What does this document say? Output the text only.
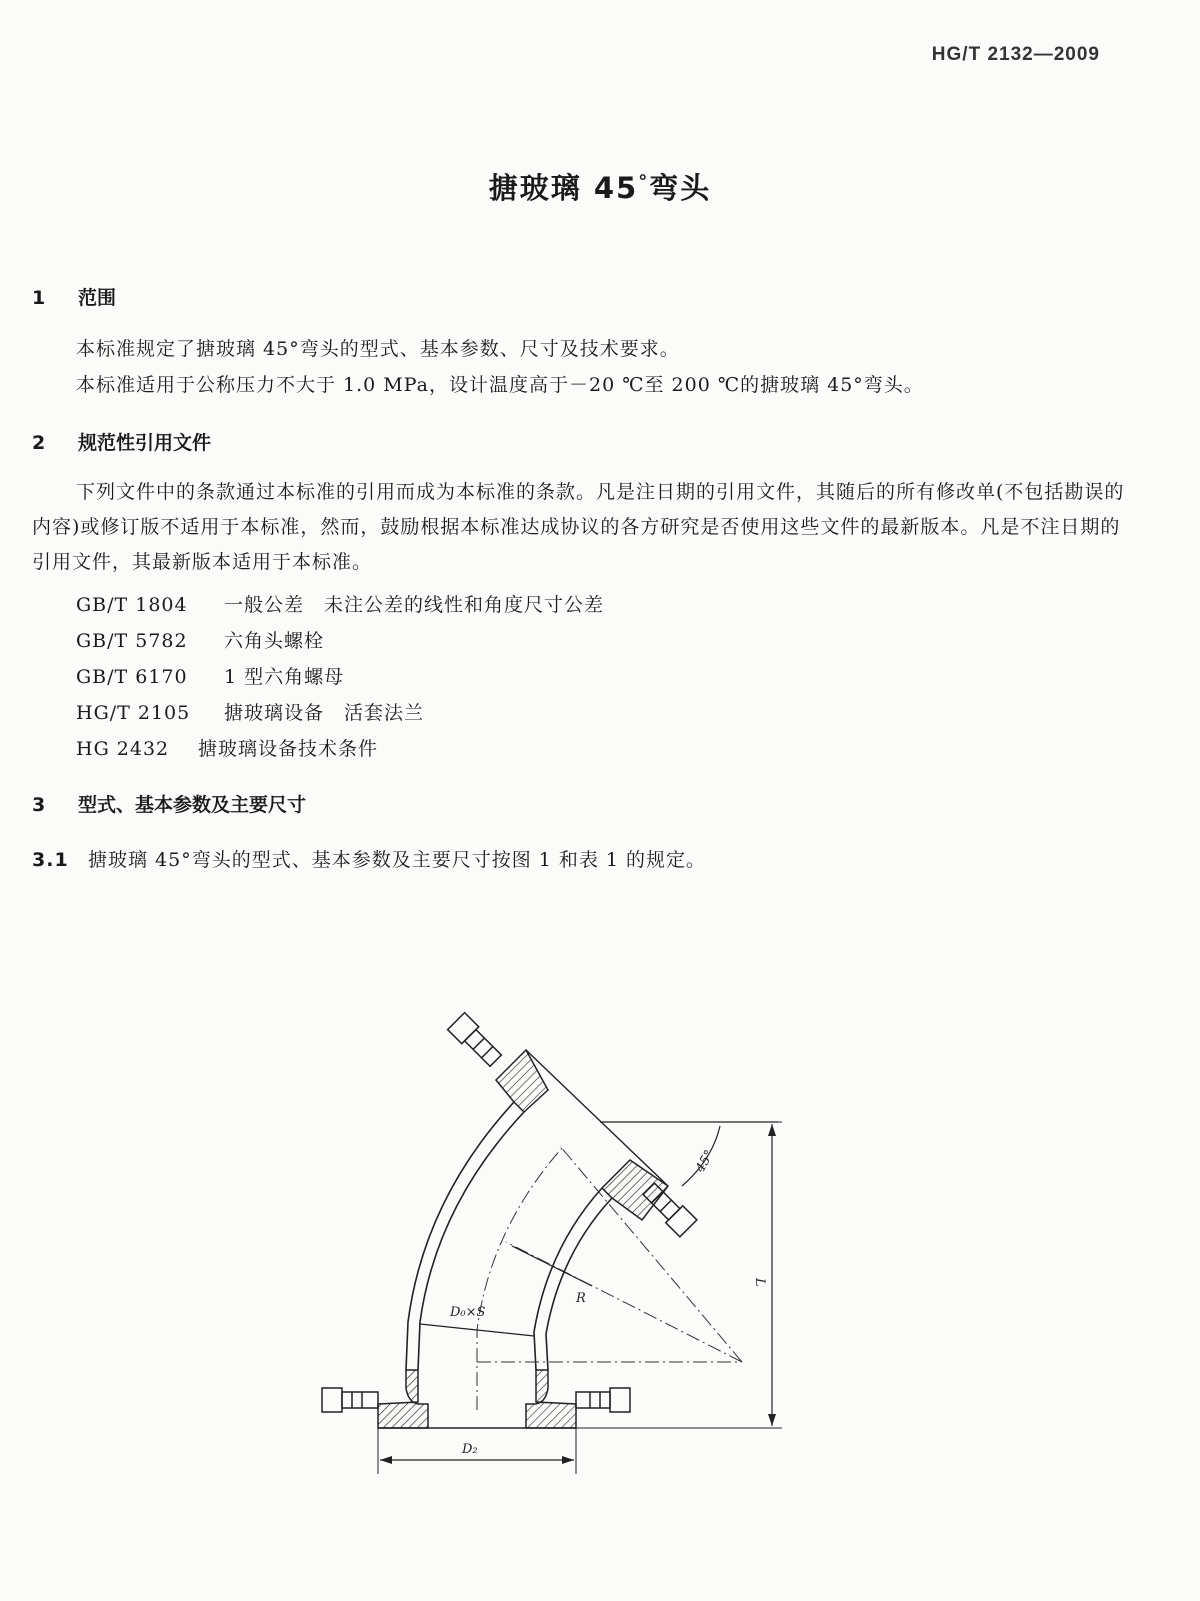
HG/T 2132—2009
搪玻璃 45°弯头
1 范围
本标准规定了搪玻璃 45°弯头的型式、基本参数、尺寸及技术要求。
本标准适用于公称压力不大于 1.0 MPa，设计温度高于－20 ℃至 200 ℃的搪玻璃 45°弯头。
2 规范性引用文件
下列文件中的条款通过本标准的引用而成为本标准的条款。凡是注日期的引用文件，其随后的所有修改单(不包括勘误的内容)或修订版不适用于本标准，然而，鼓励根据本标准达成协议的各方研究是否使用这些文件的最新版本。凡是不注日期的引用文件，其最新版本适用于本标准。
GB/T 1804 一般公差　未注公差的线性和角度尺寸公差
GB/T 5782 六角头螺栓
GB/T 6170 1 型六角螺母
HG/T 2105 搪玻璃设备　活套法兰
HG 2432 搪玻璃设备技术条件
3 型式、基本参数及主要尺寸
3.1 搪玻璃 45°弯头的型式、基本参数及主要尺寸按图 1 和表 1 的规定。
R
D₀×S
45°
L
D₂
